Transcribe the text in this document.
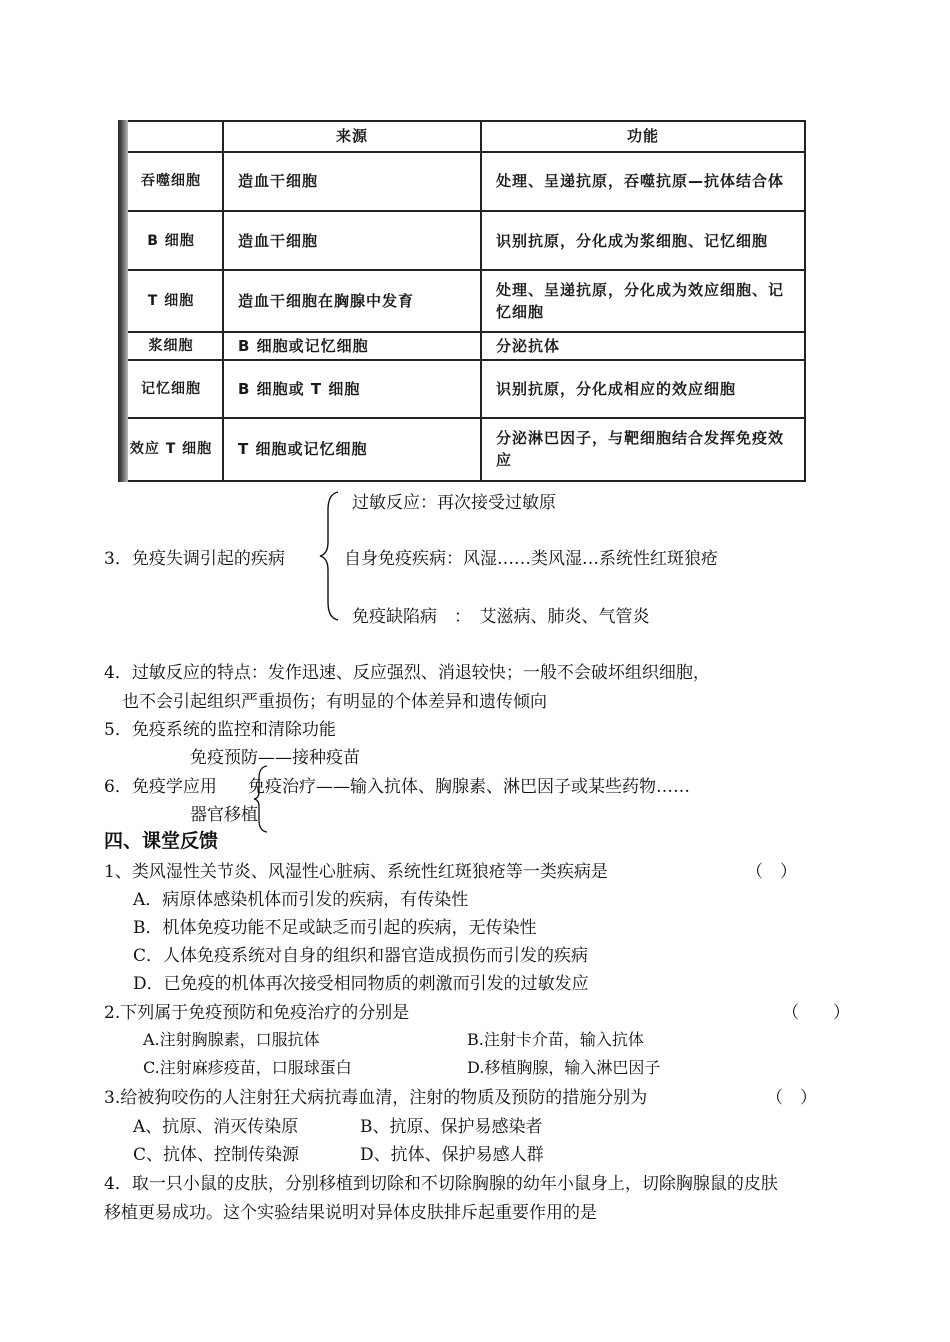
	来源	功能
吞噬细胞	造血干细胞	处理、呈递抗原，吞噬抗原—抗体结合体
B 细胞	造血干细胞	识别抗原，分化成为浆细胞、记忆细胞
T 细胞	造血干细胞在胸腺中发育	处理、呈递抗原，分化成为效应细胞、记忆细胞
浆细胞	B 细胞或记忆细胞	分泌抗体
记忆细胞	B 细胞或 T 细胞	识别抗原，分化成相应的效应细胞
效应 T 细胞	T 细胞或记忆细胞	分泌淋巴因子，与靶细胞结合发挥免疫效应
3．免疫失调引起的疾病
过敏反应：再次接受过敏原
自身免疫疾病：风湿……类风湿…系统性红斑狼疮
免疫缺陷病　：　艾滋病、肺炎、气管炎
4．过敏反应的特点：发作迅速、反应强烈、消退较快；一般不会破坏组织细胞，
也不会引起组织严重损伤；有明显的个体差异和遗传倾向
5．免疫系统的监控和清除功能
免疫预防——接种疫苗
6．免疫学应用 免疫治疗——输入抗体、胸腺素、淋巴因子或某些药物……
器官移植
四、课堂反馈
1、类风湿性关节炎、风湿性心脏病、系统性红斑狼疮等一类疾病是	（　）
A．病原体感染机体而引发的疾病，有传染性
B．机体免疫功能不足或缺乏而引起的疾病，无传染性
C．人体免疫系统对自身的组织和器官造成损伤而引发的疾病
D．已免疫的机体再次接受相同物质的刺激而引发的过敏发应
2.下列属于免疫预防和免疫治疗的分别是	（　　）
A.注射胸腺素，口服抗体	B.注射卡介苗，输入抗体
C.注射麻疹疫苗，口服球蛋白	D.移植胸腺，输入淋巴因子
3.给被狗咬伤的人注射狂犬病抗毒血清，注射的物质及预防的措施分别为	（　）
A、抗原、消灭传染原	B、抗原、保护易感染者
C、抗体、控制传染源	D、抗体、保护易感人群
4．取一只小鼠的皮肤，分别移植到切除和不切除胸腺的幼年小鼠身上，切除胸腺鼠的皮肤
移植更易成功。这个实验结果说明对异体皮肤排斥起重要作用的是
